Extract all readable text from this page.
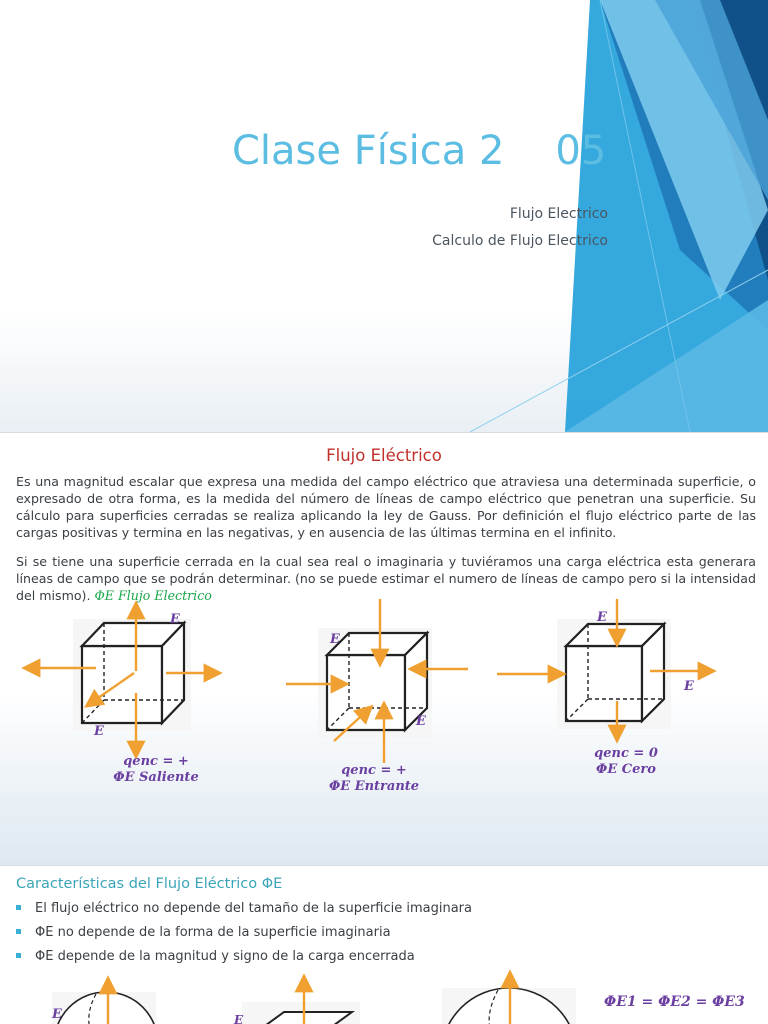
Clase Física 2    05
Flujo Electrico
Calculo de Flujo Electrico
Flujo Eléctrico
Es una magnitud escalar que expresa una medida del campo eléctrico que atraviesa una determinada superficie, o expresado de otra forma, es la medida del número de líneas de campo eléctrico que penetran una superficie. Su cálculo para superficies cerradas se realiza aplicando la ley de Gauss. Por definición el flujo eléctrico parte de las cargas positivas y termina en las negativas, y en ausencia de las últimas termina en el infinito.
Si se tiene una superficie cerrada en la cual sea real o imaginaria y tuviéramos una carga eléctrica esta generara líneas de campo que se podrán determinar. (no se puede estimar el numero de líneas de campo pero si la intensidad del mismo). ΦE Flujo Electrico
E
E
E
E
E
E
qenc = +
ΦE Saliente	qenc = +
ΦE Entrante
qenc = 0
ΦE Cero
Características del Flujo Eléctrico ΦE
El flujo eléctrico no depende del tamaño de la superficie imaginara
ΦE no depende de la forma de la superficie imaginaria
ΦE depende de la magnitud y signo de la carga encerrada
E	E
ΦE1 = ΦE2 = ΦE3
